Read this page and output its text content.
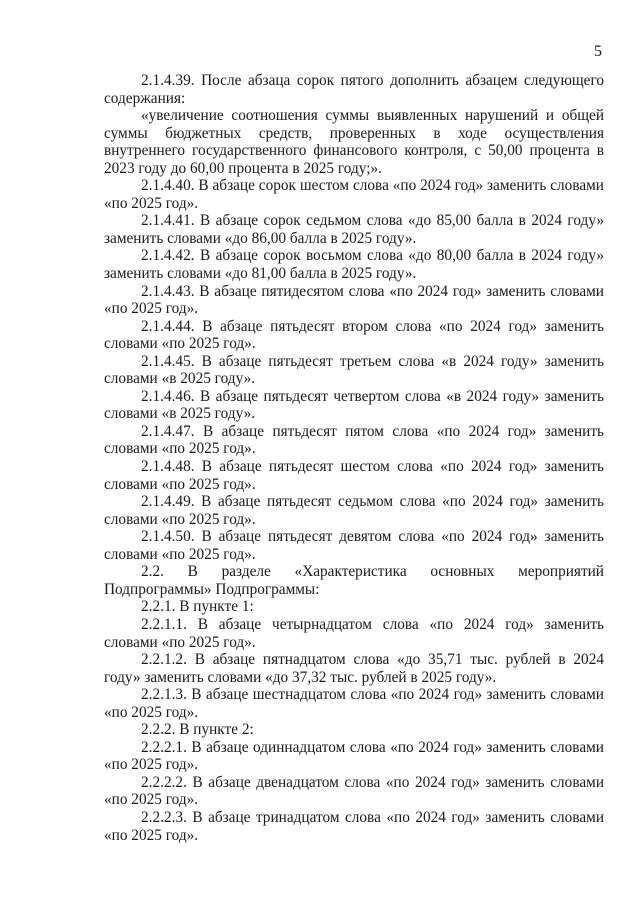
5

2.1.4.39. После абзаца сорок пятого дополнить абзацем следующего содержания:

«увеличение соотношения суммы выявленных нарушений и общей суммы бюджетных средств, проверенных в ходе осуществления внутреннего государственного финансового контроля, с 50,00 процента в 2023 году до 60,00 процента в 2025 году;».

2.1.4.40. В абзаце сорок шестом слова «по 2024 год» заменить словами «по 2025 год».

2.1.4.41. В абзаце сорок седьмом слова «до 85,00 балла в 2024 году» заменить словами «до 86,00 балла в 2025 году».

2.1.4.42. В абзаце сорок восьмом слова «до 80,00 балла в 2024 году» заменить словами «до 81,00 балла в 2025 году».

2.1.4.43. В абзаце пятидесятом слова «по 2024 год» заменить словами «по 2025 год».

2.1.4.44. В абзаце пятьдесят втором слова «по 2024 год» заменить словами «по 2025 год».

2.1.4.45. В абзаце пятьдесят третьем слова «в 2024 году» заменить словами «в 2025 году».

2.1.4.46. В абзаце пятьдесят четвертом слова «в 2024 году» заменить словами «в 2025 году».

2.1.4.47. В абзаце пятьдесят пятом слова «по 2024 год» заменить словами «по 2025 год».

2.1.4.48. В абзаце пятьдесят шестом слова «по 2024 год» заменить словами «по 2025 год».

2.1.4.49. В абзаце пятьдесят седьмом слова «по 2024 год» заменить словами «по 2025 год».

2.1.4.50. В абзаце пятьдесят девятом слова «по 2024 год» заменить словами «по 2025 год».

2.2. В разделе «Характеристика основных мероприятий Подпрограммы» Подпрограммы:

2.2.1. В пункте 1:

2.2.1.1. В абзаце четырнадцатом слова «по 2024 год» заменить словами «по 2025 год».

2.2.1.2. В абзаце пятнадцатом слова «до 35,71 тыс. рублей в 2024 году» заменить словами «до 37,32 тыс. рублей в 2025 году».

2.2.1.3. В абзаце шестнадцатом слова «по 2024 год» заменить словами «по 2025 год».

2.2.2. В пункте 2:

2.2.2.1. В абзаце одиннадцатом слова «по 2024 год» заменить словами «по 2025 год».

2.2.2.2. В абзаце двенадцатом слова «по 2024 год» заменить словами «по 2025 год».

2.2.2.3. В абзаце тринадцатом слова «по 2024 год» заменить словами «по 2025 год».
